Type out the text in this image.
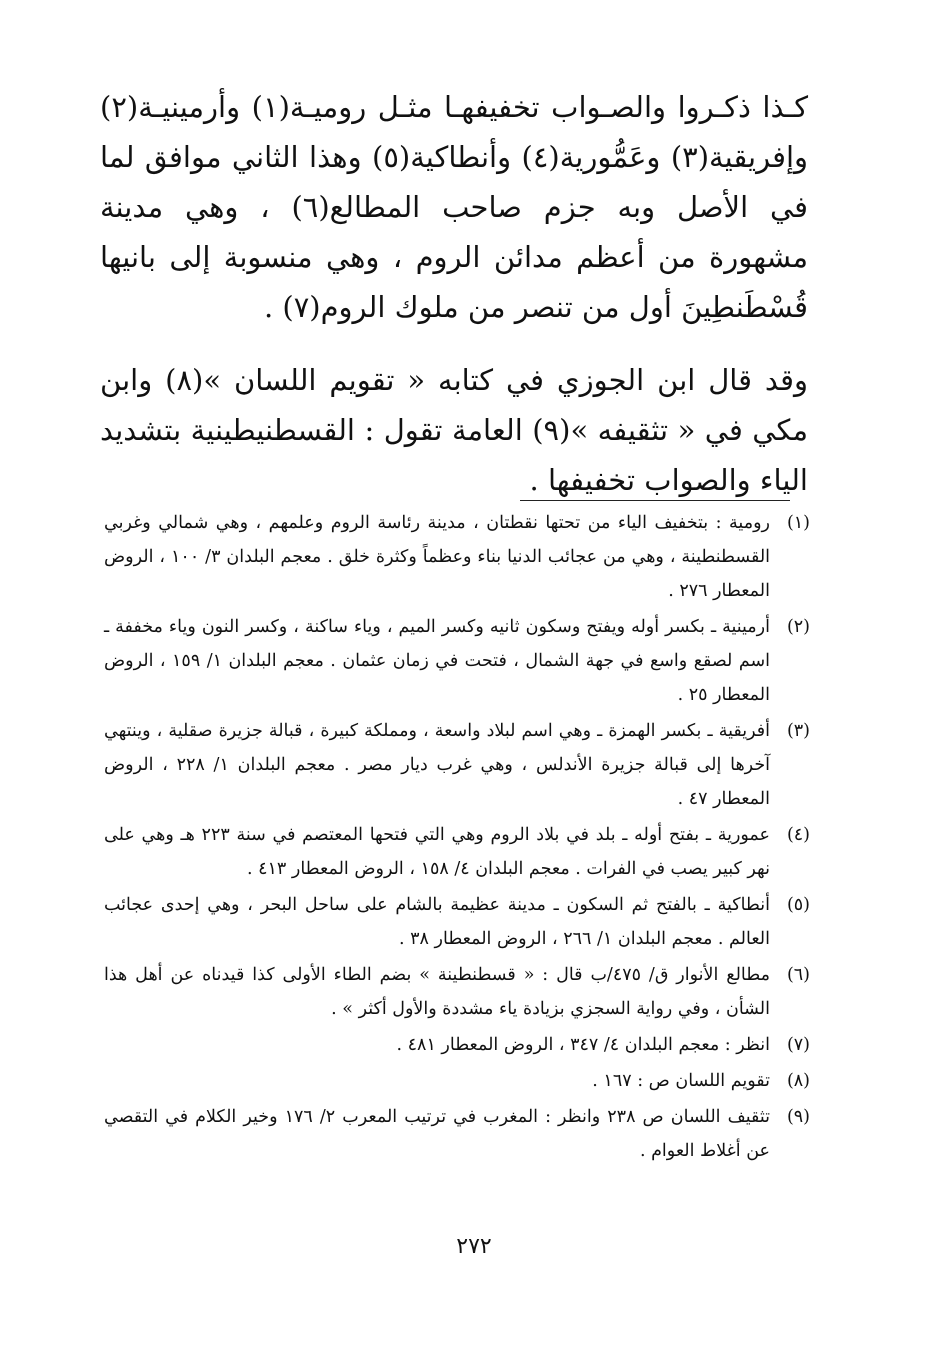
كـذا ذكـروا والصـواب تخفيفهـا مثـل روميـة(١) وأرمينيـة(٢) وإفريقية(٣) وعَمُّورية(٤) وأنطاكية(٥) وهذا الثاني موافق لما في الأصل وبه جزم صاحب المطالع(٦) ، وهي مدينة مشهورة من أعظم مدائن الروم ، وهي منسوبة إلى بانيها قُسْطَنطِينَ أول من تنصر من ملوك الروم(٧) .
وقد قال ابن الجوزي في كتابه « تقويم اللسان »(٨) وابن مكي في « تثقيفه »(٩) العامة تقول : القسطنيطينية بتشديد الياء والصواب تخفيفها .
(١)
رومية : بتخفيف الياء من تحتها نقطتان ، مدينة رئاسة الروم وعلمهم ، وهي شمالي وغربي القسطنطينة ، وهي من عجائب الدنيا بناء وعظماً وكثرة خلق . معجم البلدان ٣/ ١٠٠ ، الروض المعطار ٢٧٦ .
(٢)
أرمينية ـ بكسر أوله ويفتح وسكون ثانيه وكسر الميم ، وياء ساكنة ، وكسر النون وياء مخففة ـ اسم لصقع واسع في جهة الشمال ، فتحت في زمان عثمان . معجم البلدان ١/ ١٥٩ ، الروض المعطار ٢٥ .
(٣)
أفريقية ـ بكسر الهمزة ـ وهي اسم لبلاد واسعة ، ومملكة كبيرة ، قبالة جزيرة صقلية ، وينتهي آخرها إلى قبالة جزيرة الأندلس ، وهي غرب ديار مصر . معجم البلدان ١/ ٢٢٨ ، الروض المعطار ٤٧ .
(٤)
عمورية ـ بفتح أوله ـ بلد في بلاد الروم وهي التي فتحها المعتصم في سنة ٢٢٣ هـ وهي على نهر كبير يصب في الفرات . معجم البلدان ٤/ ١٥٨ ، الروض المعطار ٤١٣ .
(٥)
أنطاكية ـ بالفتح ثم السكون ـ مدينة عظيمة بالشام على ساحل البحر ، وهي إحدى عجائب العالم . معجم البلدان ١/ ٢٦٦ ، الروض المعطار ٣٨ .
(٦)
مطالع الأنوار ق/ ٤٧٥/ب قال : « قسطنطينة » بضم الطاء الأولى كذا قيدناه عن أهل هذا الشأن ، وفي رواية السجزي بزيادة ياء مشددة والأول أكثر » .
(٧)
انظر : معجم البلدان ٤/ ٣٤٧ ، الروض المعطار ٤٨١ .
(٨)
تقويم اللسان ص : ١٦٧ .
(٩)
تثقيف اللسان ص ٢٣٨ وانظر : المغرب في ترتيب المعرب ٢/ ١٧٦ وخير الكلام في التقصي عن أغلاط العوام .
٢٧٢
